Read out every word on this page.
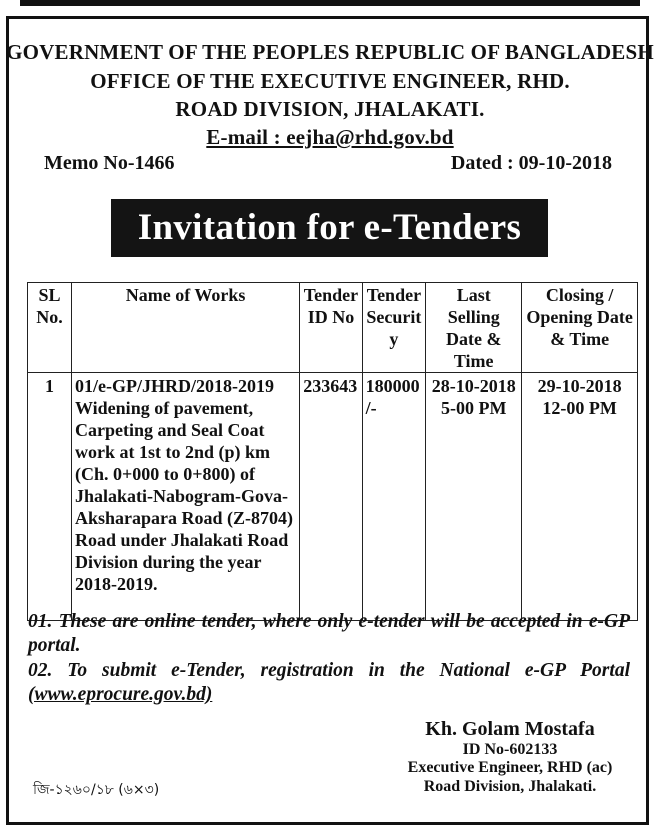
GOVERNMENT OF THE PEOPLES REPUBLIC OF BANGLADESH
OFFICE OF THE EXECUTIVE ENGINEER, RHD.
ROAD DIVISION, JHALAKATI.
E-mail : eejha@rhd.gov.bd
Memo No-1466	Dated : 09-10-2018
Invitation for e-Tenders
SL No.	Name of Works	Tender ID No	Tender Securit y	Last Selling Date & Time	Closing / Opening Date & Time
1	01/e-GP/JHRD/2018-2019 Widening of pavement, Carpeting and Seal Coat work at 1st to 2nd (p) km (Ch. 0+000 to 0+800) of Jhalakati-Nabogram-Gova-Aksharapara Road (Z-8704) Road under Jhalakati Road Division during the year 2018-2019.	233643	180000 /-	28-10-2018 5-00 PM	29-10-2018 12-00 PM
01. These are online tender, where only e-tender will be accepted in e-GP portal.
02. To submit e-Tender, registration in the National e-GP Portal (www.eprocure.gov.bd)
Kh. Golam Mostafa
ID No-602133
Executive Engineer, RHD (ac)
Road Division, Jhalakati.
জি-১২৬০/১৮ (৬×৩)
